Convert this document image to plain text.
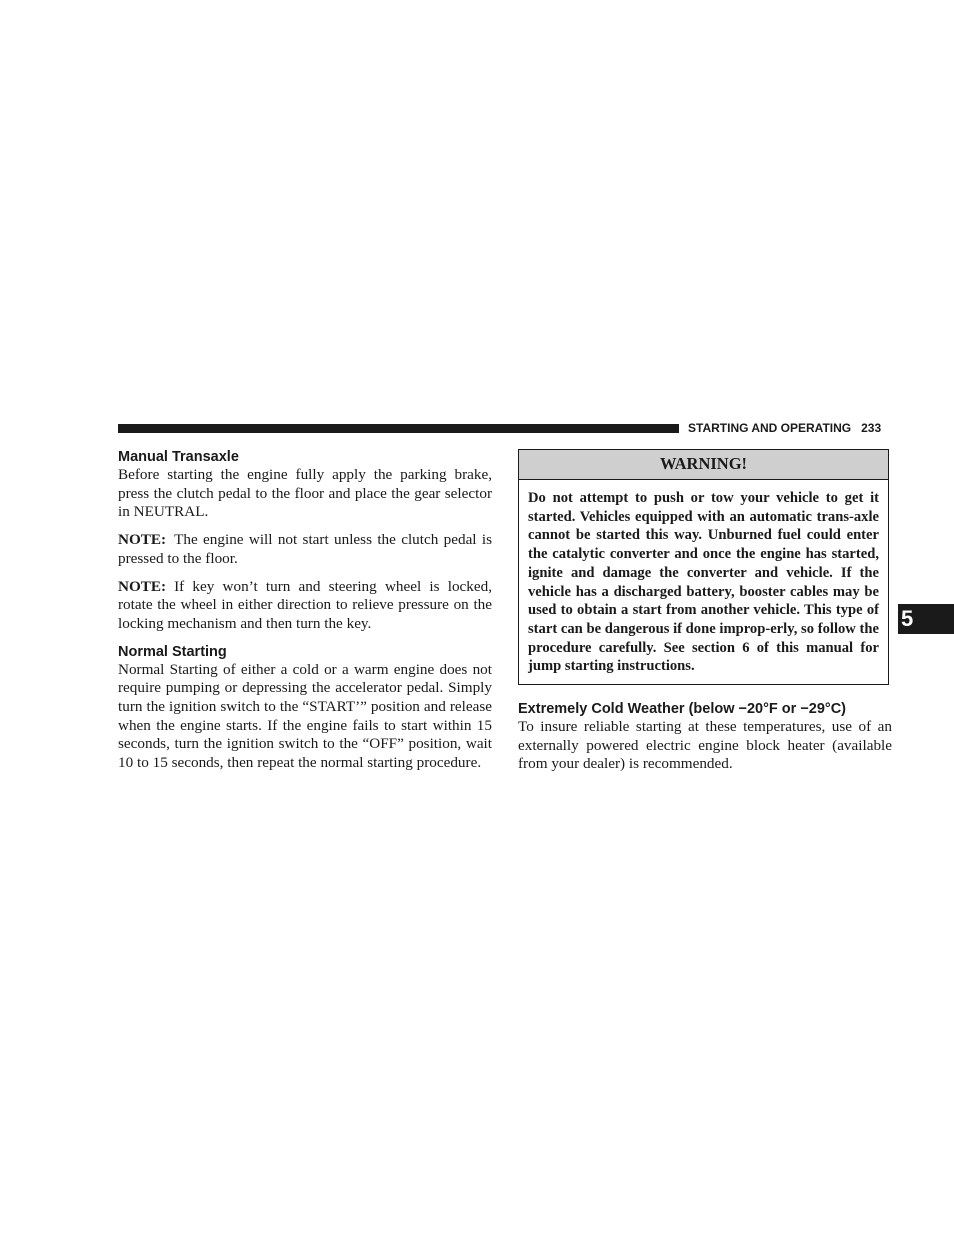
STARTING AND OPERATING 233

Manual Transaxle

Before starting the engine fully apply the parking brake, press the clutch pedal to the floor and place the gear selector in NEUTRAL.

NOTE: The engine will not start unless the clutch pedal is pressed to the floor.

NOTE: If key won’t turn and steering wheel is locked, rotate the wheel in either direction to relieve pressure on the locking mechanism and then turn the key.

Normal Starting

Normal Starting of either a cold or a warm engine does not require pumping or depressing the accelerator pedal. Simply turn the ignition switch to the “START’” position and release when the engine starts. If the engine fails to start within 15 seconds, turn the ignition switch to the “OFF” position, wait 10 to 15 seconds, then repeat the normal starting procedure.

WARNING!
Do not attempt to push or tow your vehicle to get it started. Vehicles equipped with an automatic trans-axle cannot be started this way. Unburned fuel could enter the catalytic converter and once the engine has started, ignite and damage the converter and vehicle. If the vehicle has a discharged battery, booster cables may be used to obtain a start from another vehicle. This type of start can be dangerous if done improp-erly, so follow the procedure carefully. See section 6 of this manual for jump starting instructions.

Extremely Cold Weather (below −20°F or −29°C)

To insure reliable starting at these temperatures, use of an externally powered electric engine block heater (available from your dealer) is recommended.

5
